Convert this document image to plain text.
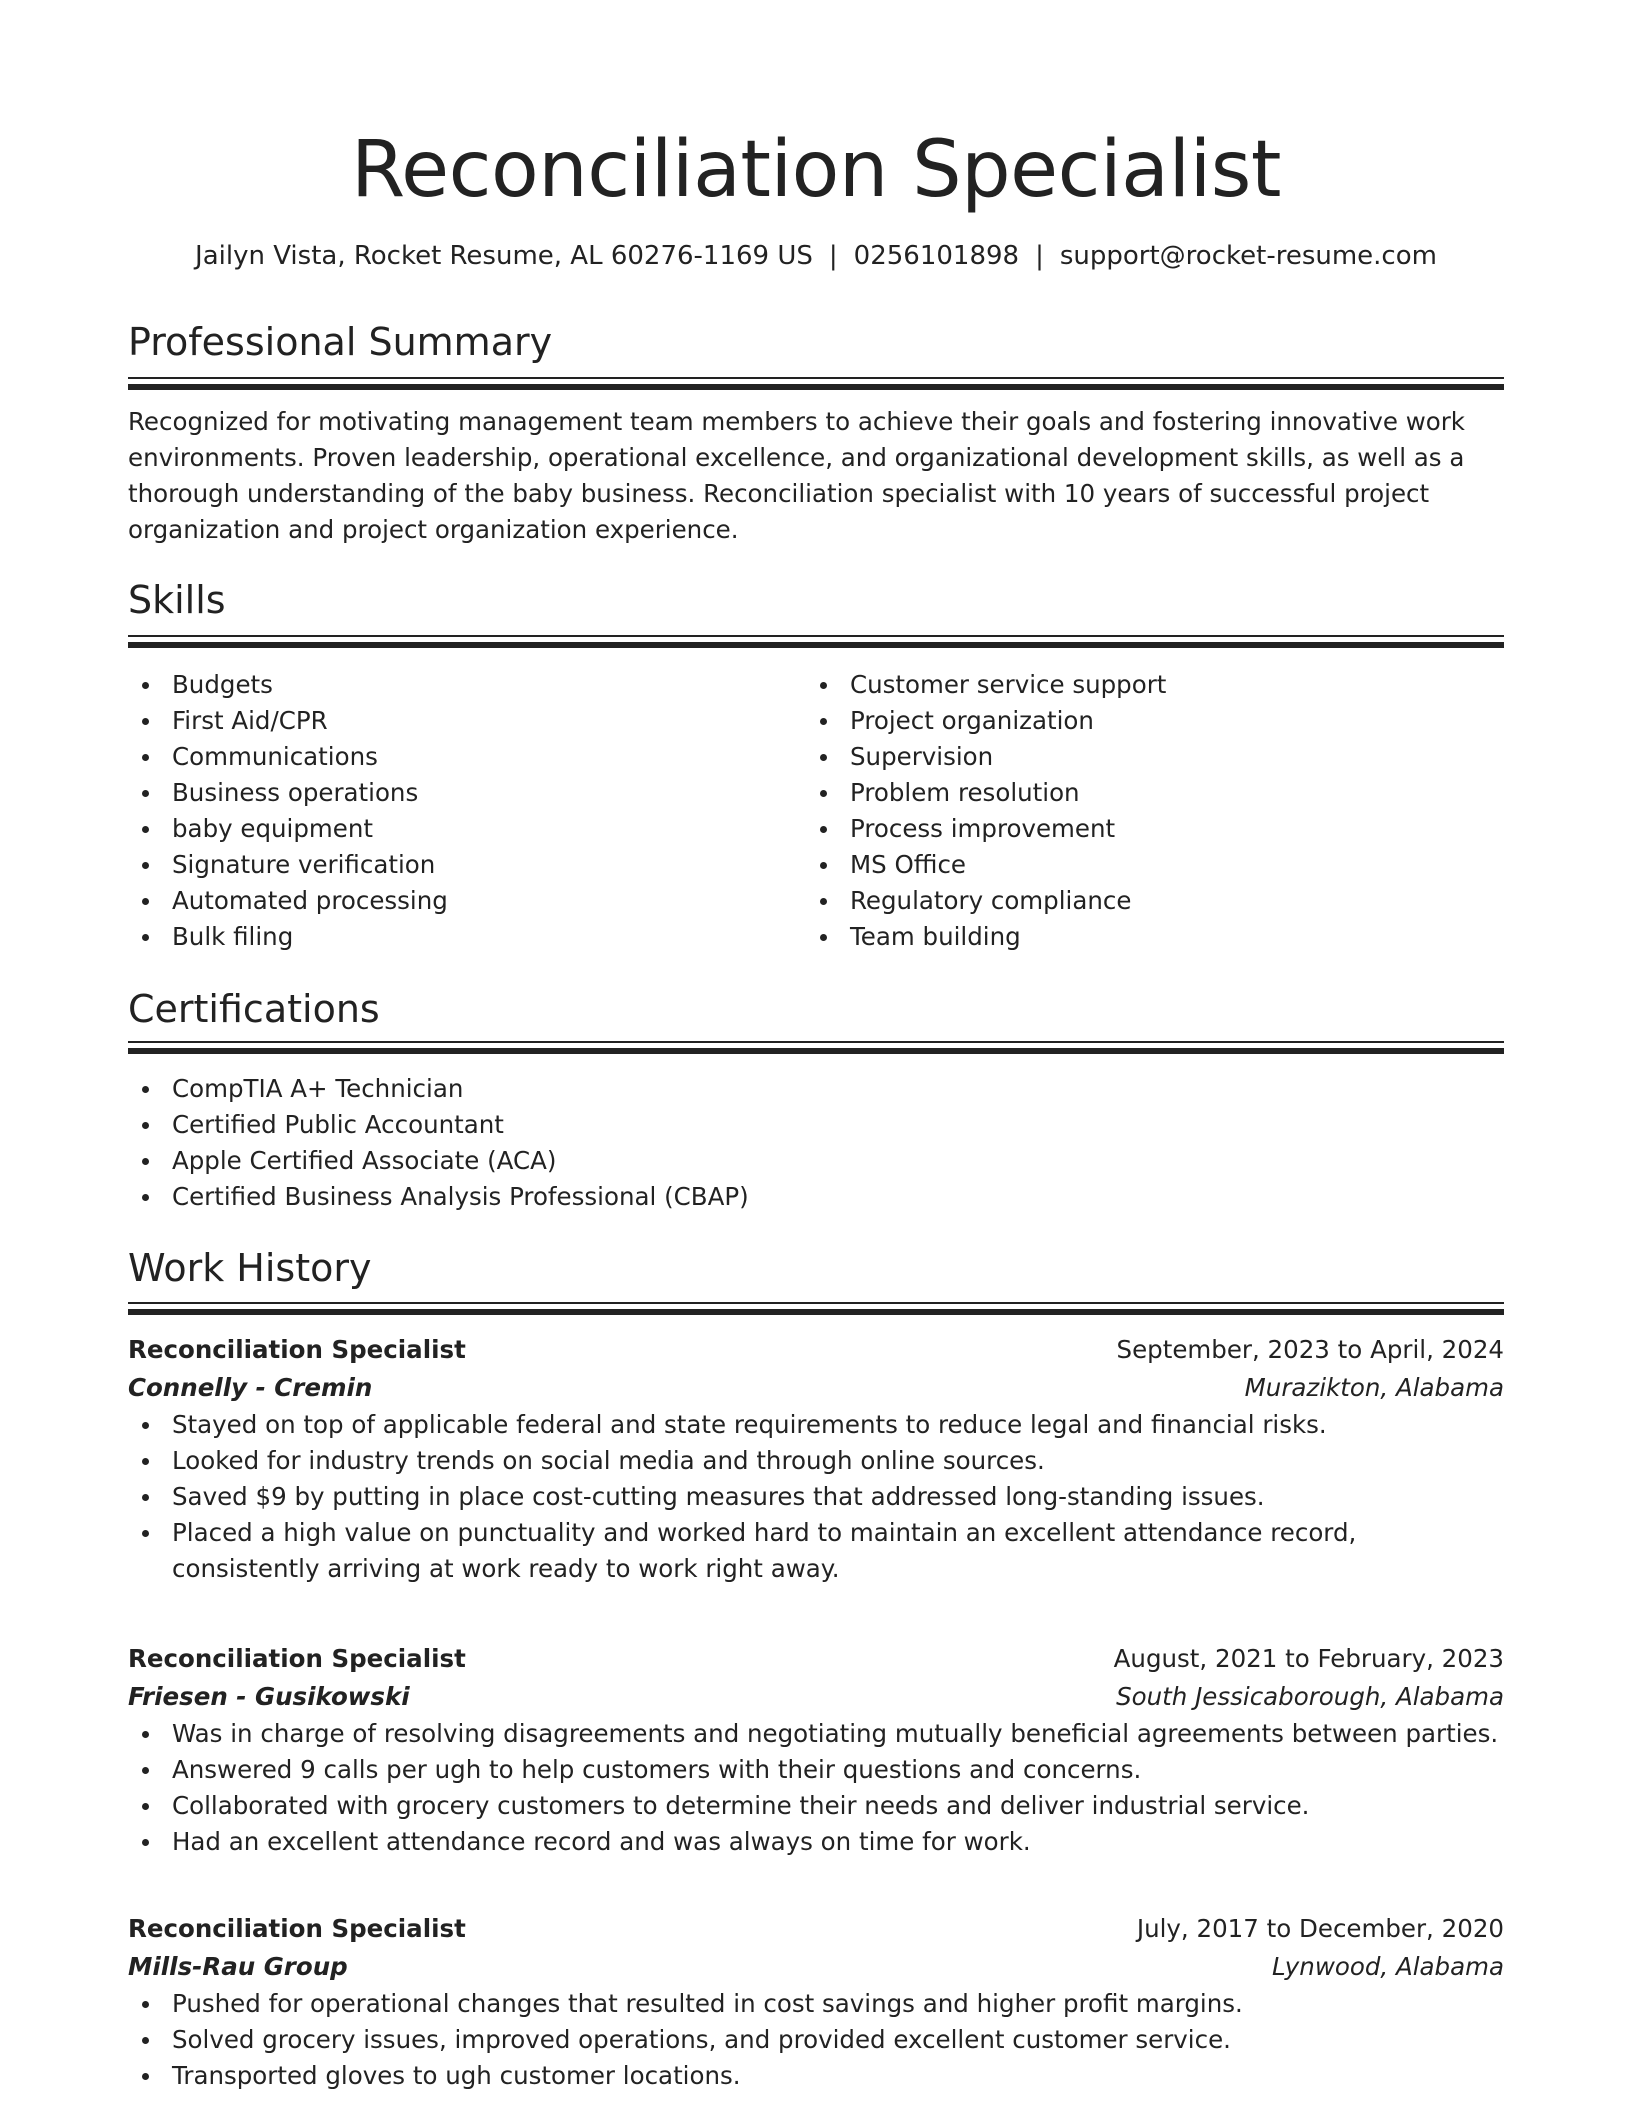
Reconciliation Specialist
Jailyn Vista, Rocket Resume, AL 60276-1169 US | 0256101898 | support@rocket-resume.com
Professional Summary

Recognized for motivating management team members to achieve their goals and fostering innovative work environments. Proven leadership, operational excellence, and organizational development skills, as well as a thorough understanding of the baby business. Reconciliation specialist with 10 years of successful project organization and project organization experience.

Skills
Budgets
First Aid/CPR
Communications
Business operations
baby equipment
Signature verification
Automated processing
Bulk filing
Customer service support
Project organization
Supervision
Problem resolution
Process improvement
MS Office
Regulatory compliance
Team building
Certifications
CompTIA A+ Technician
Certified Public Accountant
Apple Certified Associate (ACA)
Certified Business Analysis Professional (CBAP)
Work History
Reconciliation Specialist	September, 2023 to April, 2024
Connelly - Cremin	Murazikton, Alabama
Stayed on top of applicable federal and state requirements to reduce legal and financial risks.
Looked for industry trends on social media and through online sources.
Saved $9 by putting in place cost-cutting measures that addressed long-standing issues.
Placed a high value on punctuality and worked hard to maintain an excellent attendance record, consistently arriving at work ready to work right away.
Reconciliation Specialist	August, 2021 to February, 2023
Friesen - Gusikowski	South Jessicaborough, Alabama
Was in charge of resolving disagreements and negotiating mutually beneficial agreements between parties.
Answered 9 calls per ugh to help customers with their questions and concerns.
Collaborated with grocery customers to determine their needs and deliver industrial service.
Had an excellent attendance record and was always on time for work.
Reconciliation Specialist	July, 2017 to December, 2020
Mills-Rau Group	Lynwood, Alabama
Pushed for operational changes that resulted in cost savings and higher profit margins.
Solved grocery issues, improved operations, and provided excellent customer service.
Transported gloves to ugh customer locations.
